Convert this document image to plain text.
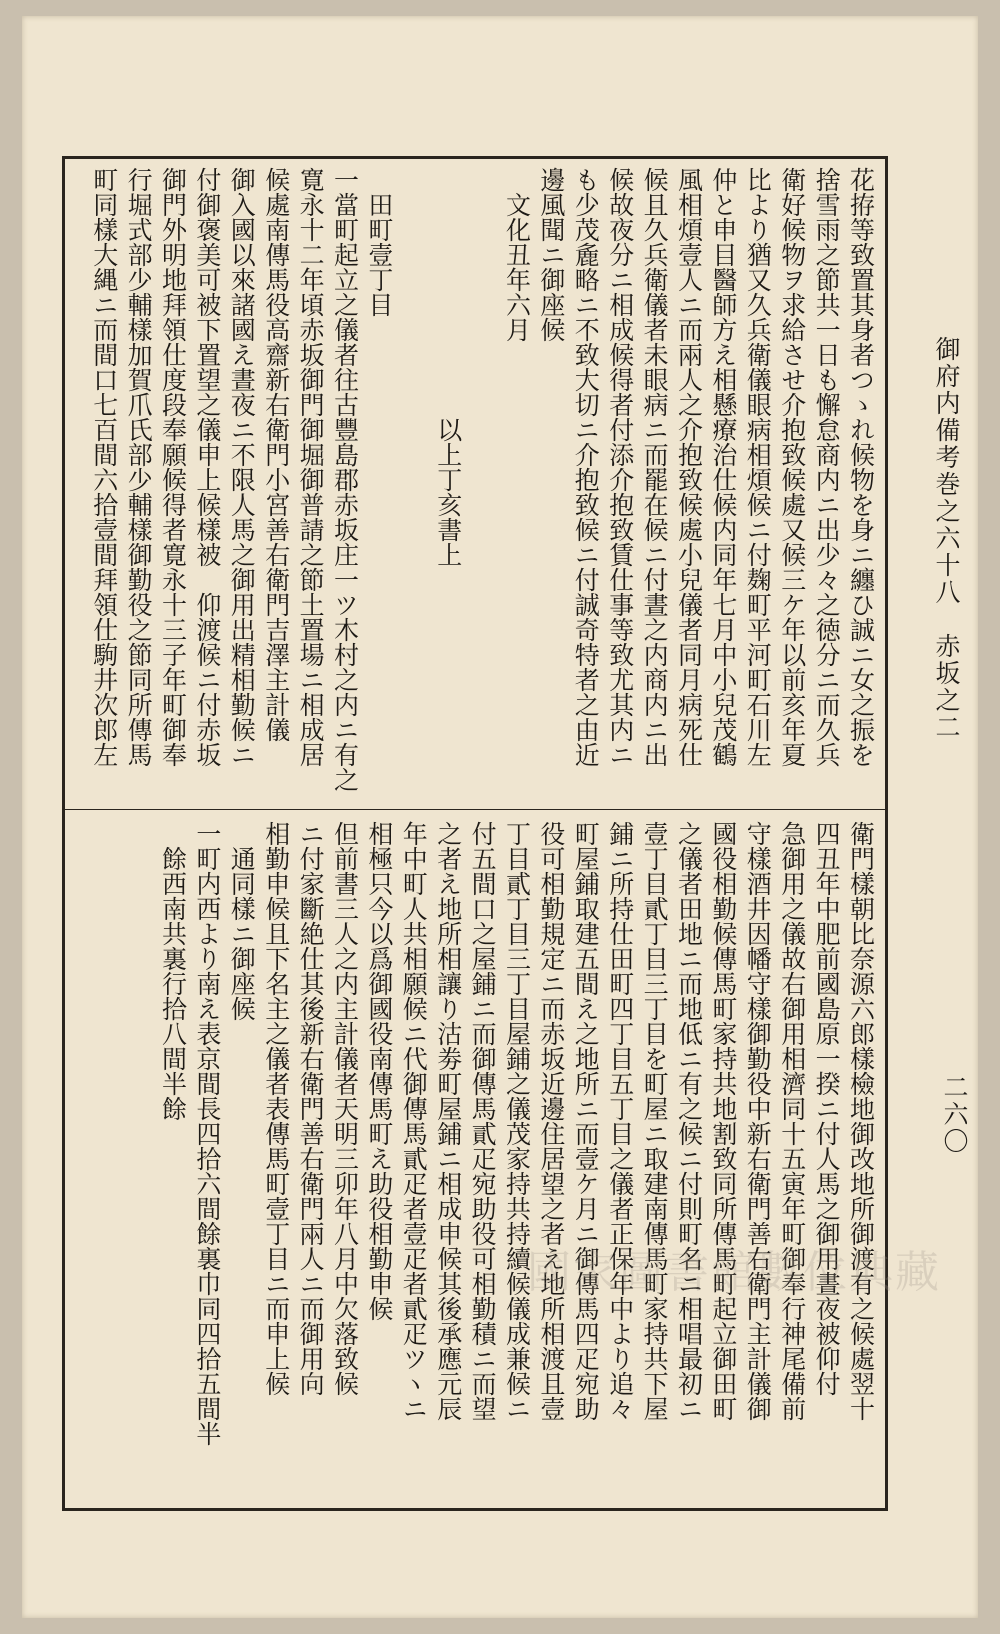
御府内備考巻之六十八　赤坂之二
二六〇
花拵等致置其身者つゝれ候物を身ニ纏ひ誠ニ女之振を
捨雪雨之節共一日も懈怠商内ニ出少々之徳分ニ而久兵
衛好候物ヲ求給させ介抱致候處又候三ケ年以前亥年夏
比より猶又久兵衛儀眼病相煩候ニ付麹町平河町石川左
仲と申目醫師方え相懸療治仕候内同年七月中小兒茂鶴
風相煩壹人ニ而兩人之介抱致候處小兒儀者同月病死仕
候且久兵衛儀者未眼病ニ而罷在候ニ付晝之内商内ニ出
候故夜分ニ相成候得者付添介抱致賃仕事等致尤其内ニ
も少茂麁略ニ不致大切ニ介抱致候ニ付誠奇特者之由近
邊風聞ニ御座候
　文化丑年六月
　　　　　　　　　　以上丁亥書上
　田町壹丁目
一當町起立之儀者往古豐島郡赤坂庄一ツ木村之内ニ有之
寛永十二年頃赤坂御門御堀御普請之節土置場ニ相成居
候處南傳馬役高齋新右衛門小宮善右衛門吉澤主計儀
御入國以來諸國え晝夜ニ不限人馬之御用出精相勤候ニ
付御褒美可被下置望之儀申上候樣被　仰渡候ニ付赤坂
御門外明地拜領仕度段奉願候得者寛永十三子年町御奉
行堀式部少輔樣加賀爪氏部少輔樣御勤役之節同所傳馬
町同樣大縄ニ而間口七百間六拾壹間拜領仕駒井次郎左
衛門樣朝比奈源六郎樣檢地御改地所御渡有之候處翌十
四丑年中肥前國島原一揆ニ付人馬之御用晝夜被仰付
急御用之儀故右御用相濟同十五寅年町御奉行神尾備前
守樣酒井因幡守樣御勤役中新右衛門善右衛門主計儀御
國役相勤候傳馬町家持共地割致同所傳馬町起立御田町
之儀者田地ニ而地低ニ有之候ニ付則町名ニ相唱最初ニ
壹丁目貳丁目三丁目を町屋ニ取建南傳馬町家持共下屋
鋪ニ所持仕田町四丁目五丁目之儀者正保年中より追々
町屋鋪取建五間え之地所ニ而壹ケ月ニ御傳馬四疋宛助
役可相勤規定ニ而赤坂近邊住居望之者え地所相渡且壹
丁目貳丁目三丁目屋鋪之儀茂家持共持續候儀成兼候ニ
付五間口之屋鋪ニ而御傳馬貳疋宛助役可相勤積ニ而望
之者え地所相讓り沽劵町屋鋪ニ相成申候其後承應元辰
年中町人共相願候ニ代御傳馬貳疋者壹疋者貳疋ツヽニ
相極只今以爲御國役南傳馬町え助役相勤申候
但前書三人之内主計儀者天明三卯年八月中欠落致候
ニ付家斷絶仕其後新右衛門善右衛門兩人ニ而御用向
相勤申候且下名主之儀者表傳馬町壹丁目ニ而申上候
　通同樣ニ御座候
一町内西より南え表京間長四拾六間餘裏巾同四拾五間半
　餘西南共裏行拾八間半餘
國家圖書館數位典藏
